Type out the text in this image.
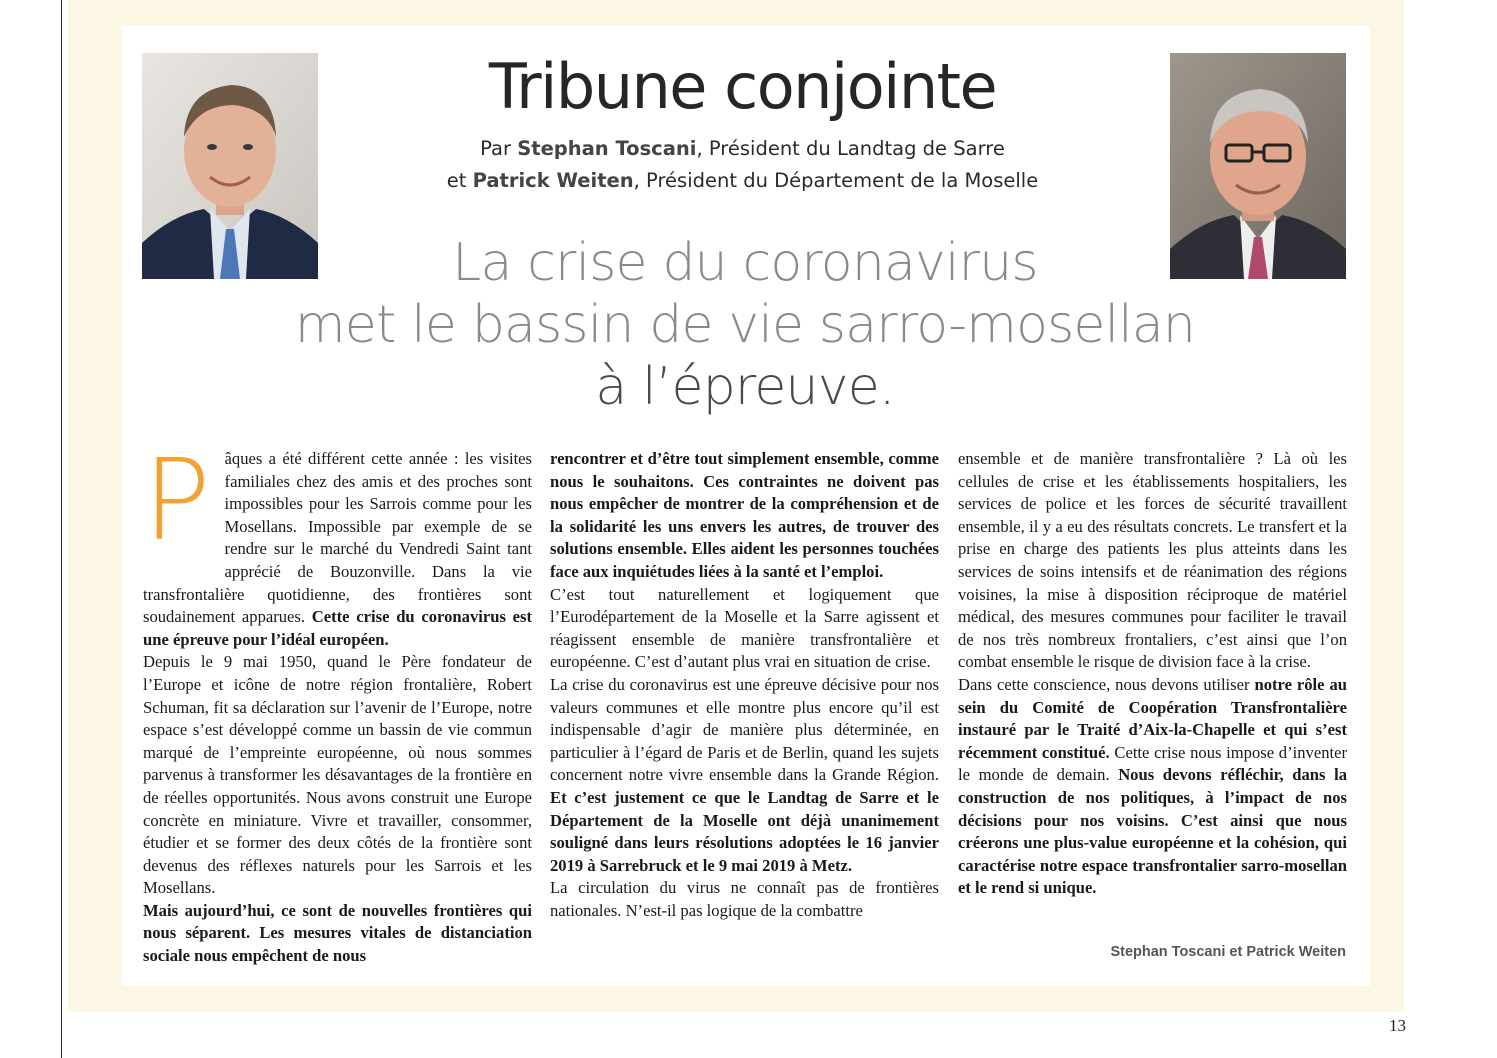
Tribune conjointe
Par Stephan Toscani, Président du Landtag de Sarre
et Patrick Weiten, Président du Département de la Moselle
La crise du coronavirus
met le bassin de vie sarro-mosellan
à l’épreuve.

Pâques a été différent cette année : les visites familiales chez des amis et des proches sont impossibles pour les Sarrois comme pour les Mosellans. Impossible par exemple de se rendre sur le marché du Vendredi Saint tant apprécié de Bouzonville. Dans la vie transfrontalière quotidienne, des frontières sont soudainement apparues. Cette crise du coronavirus est une épreuve pour l’idéal européen.

Depuis le 9 mai 1950, quand le Père fondateur de l’Europe et icône de notre région frontalière, Robert Schuman, fit sa déclaration sur l’avenir de l’Europe, notre espace s’est développé comme un bassin de vie commun marqué de l’empreinte européenne, où nous sommes parvenus à transformer les désavantages de la frontière en de réelles opportunités. Nous avons construit une Europe concrète en miniature. Vivre et travailler, consommer, étudier et se former des deux côtés de la frontière sont devenus des réflexes naturels pour les Sarrois et les Mosellans.

Mais aujourd’hui, ce sont de nouvelles frontières qui nous séparent. Les mesures vitales de distanciation sociale nous empêchent de nous

rencontrer et d’être tout simplement ensemble, comme nous le souhaitons. Ces contraintes ne doivent pas nous empêcher de montrer de la compréhension et de la solidarité les uns envers les autres, de trouver des solutions ensemble. Elles aident les personnes touchées face aux inquiétudes liées à la santé et l’emploi.

C’est tout naturellement et logiquement que l’Eurodépartement de la Moselle et la Sarre agissent et réagissent ensemble de manière transfrontalière et européenne. C’est d’autant plus vrai en situation de crise.

La crise du coronavirus est une épreuve décisive pour nos valeurs communes et elle montre plus encore qu’il est indispensable d’agir de manière plus déterminée, en particulier à l’égard de Paris et de Berlin, quand les sujets concernent notre vivre ensemble dans la Grande Région. Et c’est justement ce que le Landtag de Sarre et le Département de la Moselle ont déjà unanimement souligné dans leurs résolutions adoptées le 16 janvier 2019 à Sarrebruck et le 9 mai 2019 à Metz.

La circulation du virus ne connaît pas de frontières nationales. N’est-il pas logique de la combattre

ensemble et de manière transfrontalière ? Là où les cellules de crise et les établissements hospitaliers, les services de police et les forces de sécurité travaillent ensemble, il y a eu des résultats concrets. Le transfert et la prise en charge des patients les plus atteints dans les services de soins intensifs et de réanimation des régions voisines, la mise à disposition réciproque de matériel médical, des mesures communes pour faciliter le travail de nos très nombreux frontaliers, c’est ainsi que l’on combat ensemble le risque de division face à la crise.

Dans cette conscience, nous devons utiliser notre rôle au sein du Comité de Coopération Transfrontalière instauré par le Traité d’Aix-la-Chapelle et qui s’est récemment constitué. Cette crise nous impose d’inventer le monde de demain. Nous devons réfléchir, dans la construction de nos politiques, à l’impact de nos décisions pour nos voisins. C’est ainsi que nous créerons une plus-value européenne et la cohésion, qui caractérise notre espace transfrontalier sarro-mosellan et le rend si unique.

Stephan Toscani et Patrick Weiten
13
